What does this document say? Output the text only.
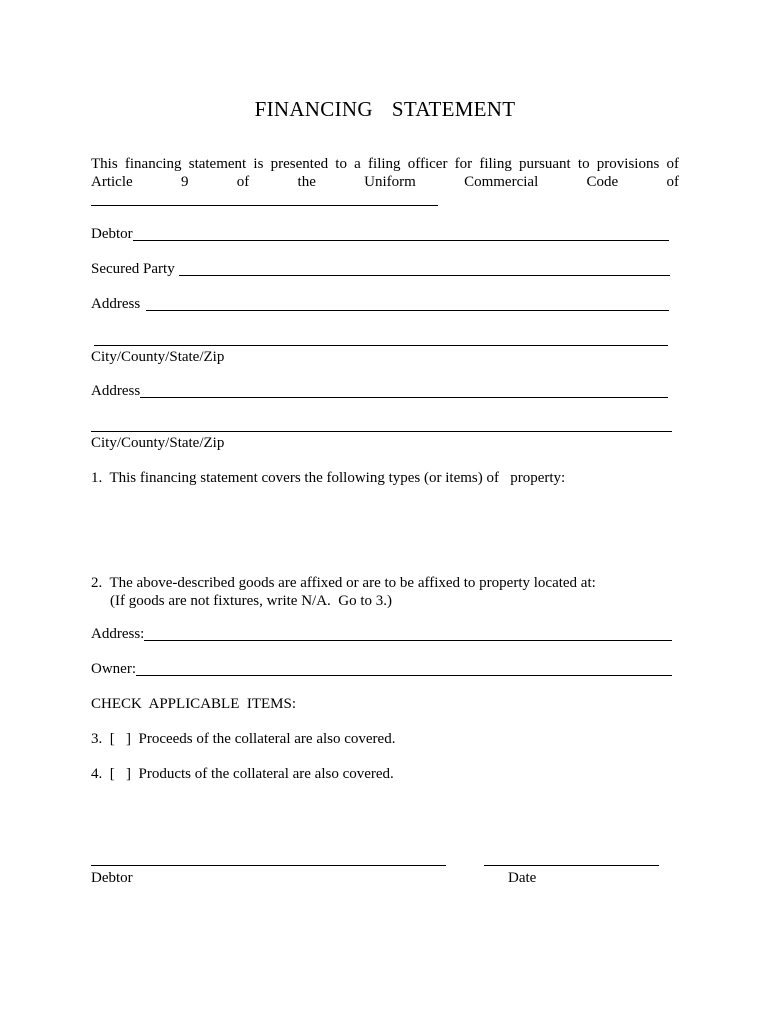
FINANCING  STATEMENT
This financing statement is presented to a filing officer for filing pursuant to provisions of
Article 9 of the Uniform Commercial Code of
Debtor
Secured Party
Address
City/County/State/Zip
Address
City/County/State/Zip
1.  This financing statement covers the following types (or items) of   property:
2.  The above-described goods are affixed or are to be affixed to property located at:
(If goods are not fixtures, write N/A.  Go to 3.)
Address:
Owner:
CHECK  APPLICABLE  ITEMS:
3.  [   ]  Proceeds of the collateral are also covered.
4.  [   ]  Products of the collateral are also covered.
Debtor	Date
